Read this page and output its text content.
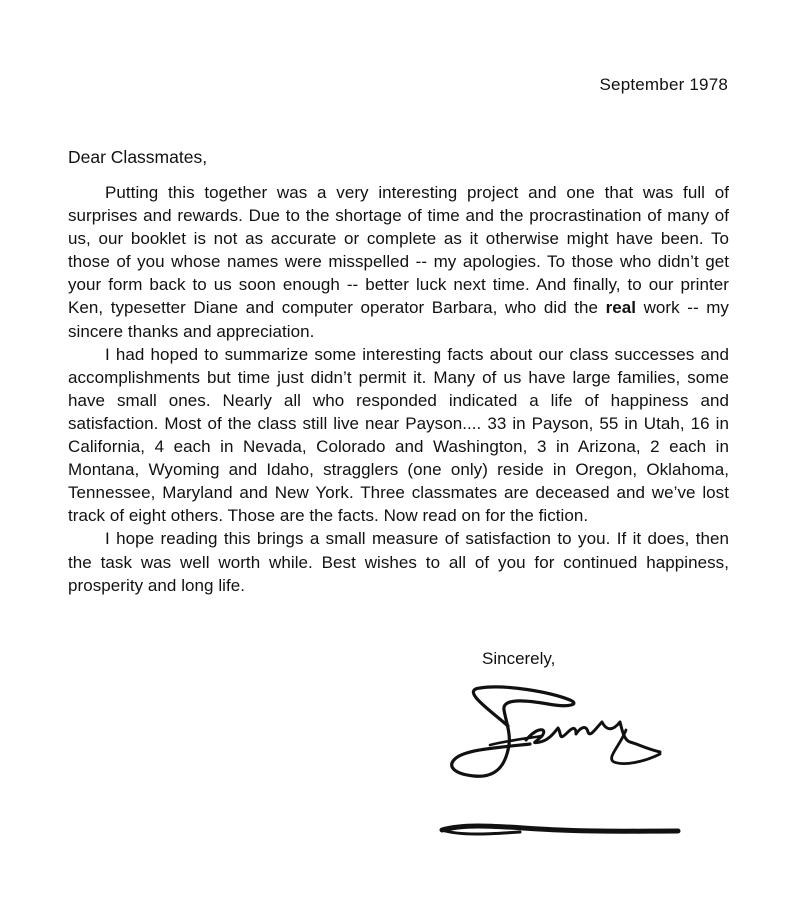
September 1978
Dear Classmates,

Putting this together was a very interesting project and one that was full of surprises and rewards. Due to the shortage of time and the procrastination of many of us, our booklet is not as accurate or complete as it otherwise might have been. To those of you whose names were misspelled -- my apologies. To those who didn’t get your form back to us soon enough -- better luck next time. And finally, to our printer Ken, typesetter Diane and computer operator Barbara, who did the real work -- my sincere thanks and appreciation.

I had hoped to summarize some interesting facts about our class successes and accomplishments but time just didn’t permit it. Many of us have large families, some have small ones. Nearly all who responded indicated a life of happiness and satisfaction. Most of the class still live near Payson.... 33 in Payson, 55 in Utah, 16 in California, 4 each in Nevada, Colorado and Washington, 3 in Arizona, 2 each in Montana, Wyoming and Idaho, stragglers (one only) reside in Oregon, Oklahoma, Tennessee, Maryland and New York. Three classmates are deceased and we’ve lost track of eight others. Those are the facts. Now read on for the fiction.

I hope reading this brings a small measure of satisfaction to you. If it does, then the task was well worth while. Best wishes to all of you for continued happiness, prosperity and long life.

Sincerely,
